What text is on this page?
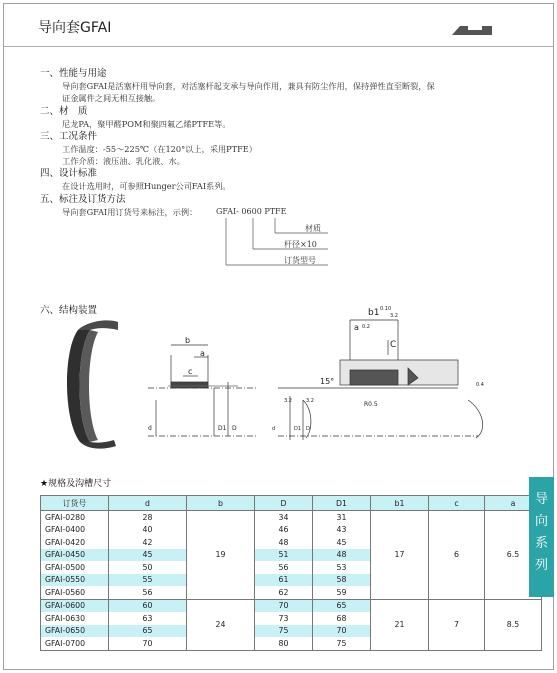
导向套GFAI
一、性能与用途
导向套GFAI是活塞杆用导向套，对活塞杆起支承与导向作用，兼具有防尘作用，保持弹性直至断裂，保
证金属件之间无相互接触。
二、材　质
尼龙PA，聚甲醛POM和聚四氟乙烯PTFE等。
三、工况条件
工作温度：-55～225℃（在120°以上，采用PTFE）
工作介质：液压油、乳化液、水。
四、设计标准
在设计选用时，可参照Hunger公司FAI系列。
五、标注及订货方法
导向套GFAI用订货号来标注，示例： GFAI- 0600 PTFE
材质
杆径×10
订货型号
六、结构装置
b
a
c
d	D1 D
b1 0.10
a 0.2
C
15°
R0.5
3.2
3.2	3.2
0.4
d	D1 D
★规格及沟槽尺寸
订货号	d	b	D	D1	b1	c	a
GFAI-0280	28	19	34	31	17	6	6.5
GFAI-0400	40		46	43			
GFAI-0420	42		48	45			
GFAI-0450	45		51	48			
GFAI-0500	50		56	53			
GFAI-0550	55		61	58			
GFAI-0560	56		62	59			
GFAI-0600	60	24	70	65	21	7	8.5
GFAI-0630	63		73	68			
GFAI-0650	65		75	70			
GFAI-0700	70		80	75			
导
向
系
列
